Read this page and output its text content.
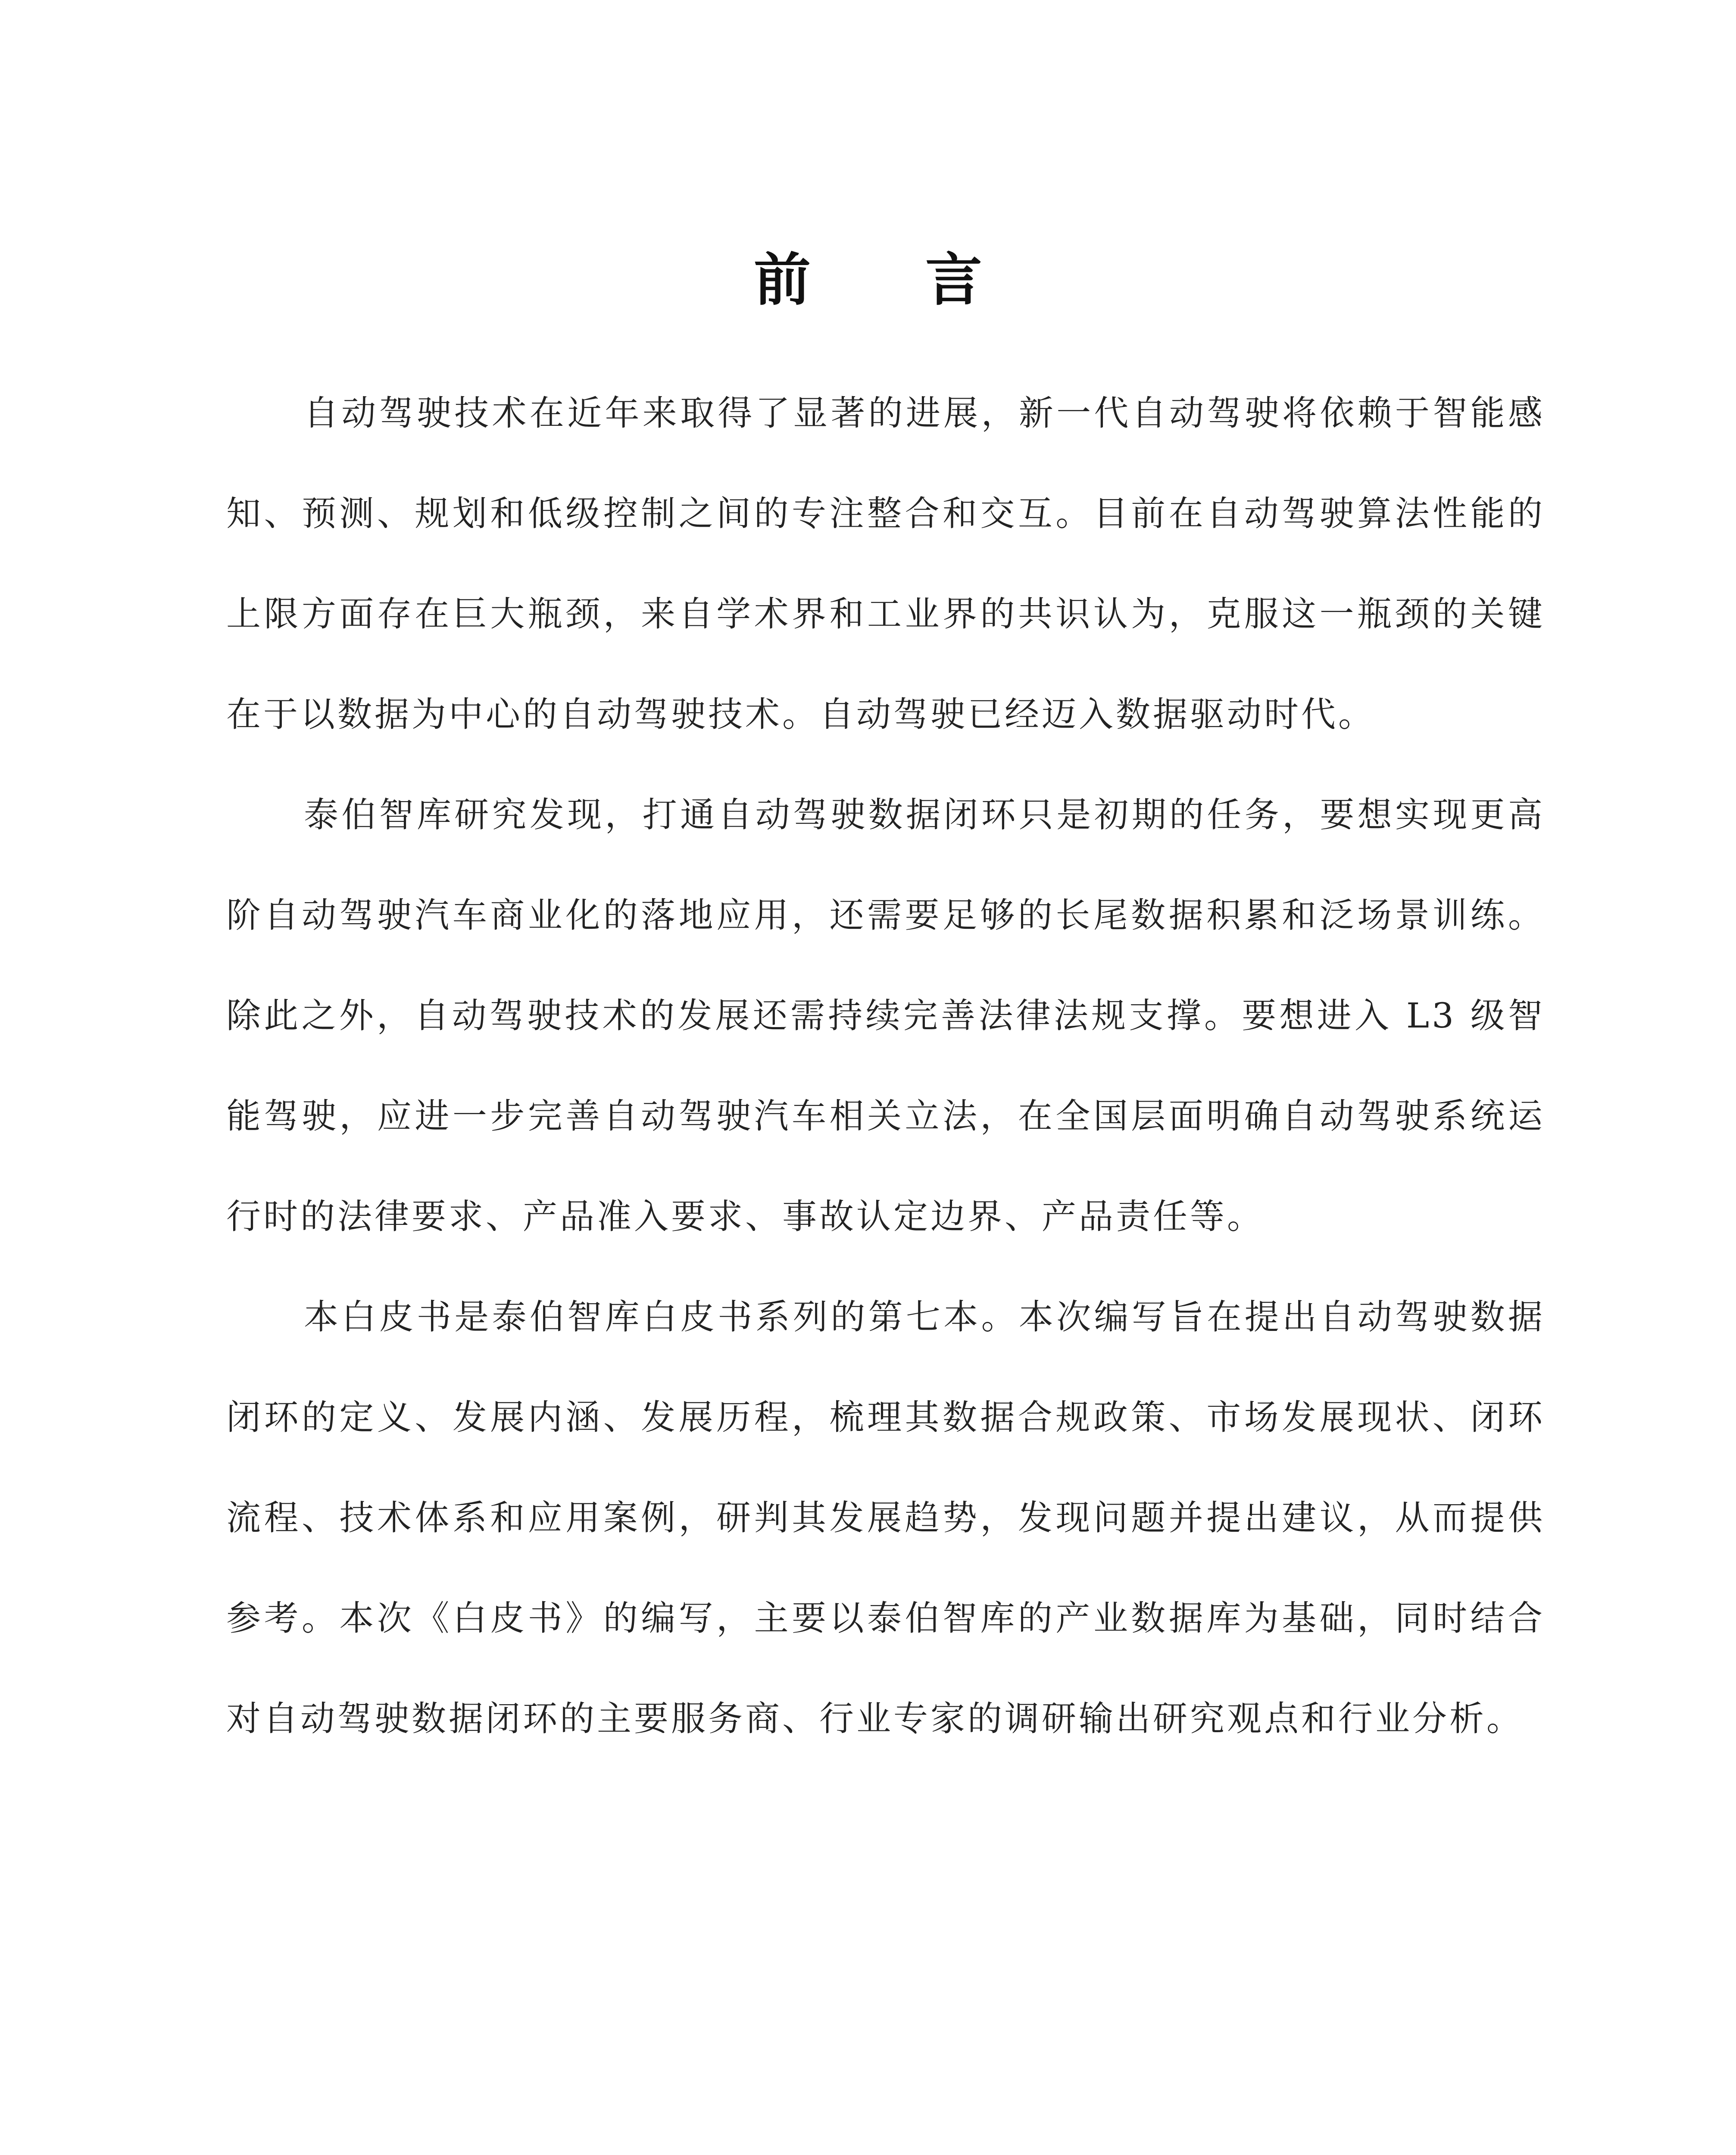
前 言

自动驾驶技术在近年来取得了显著的进展，新一代自动驾驶将依赖于智能感知、预测、规划和低级控制之间的专注整合和交互。目前在自动驾驶算法性能的上限方面存在巨大瓶颈，来自学术界和工业界的共识认为，克服这一瓶颈的关键在于以数据为中心的自动驾驶技术。自动驾驶已经迈入数据驱动时代。

泰伯智库研究发现，打通自动驾驶数据闭环只是初期的任务，要想实现更高阶自动驾驶汽车商业化的落地应用，还需要足够的长尾数据积累和泛场景训练。除此之外，自动驾驶技术的发展还需持续完善法律法规支撑。要想进入 L3 级智能驾驶，应进一步完善自动驾驶汽车相关立法，在全国层面明确自动驾驶系统运行时的法律要求、产品准入要求、事故认定边界、产品责任等。

本白皮书是泰伯智库白皮书系列的第七本。本次编写旨在提出自动驾驶数据闭环的定义、发展内涵、发展历程，梳理其数据合规政策、市场发展现状、闭环流程、技术体系和应用案例，研判其发展趋势，发现问题并提出建议，从而提供参考。本次《白皮书》的编写，主要以泰伯智库的产业数据库为基础，同时结合对自动驾驶数据闭环的主要服务商、行业专家的调研输出研究观点和行业分析。
